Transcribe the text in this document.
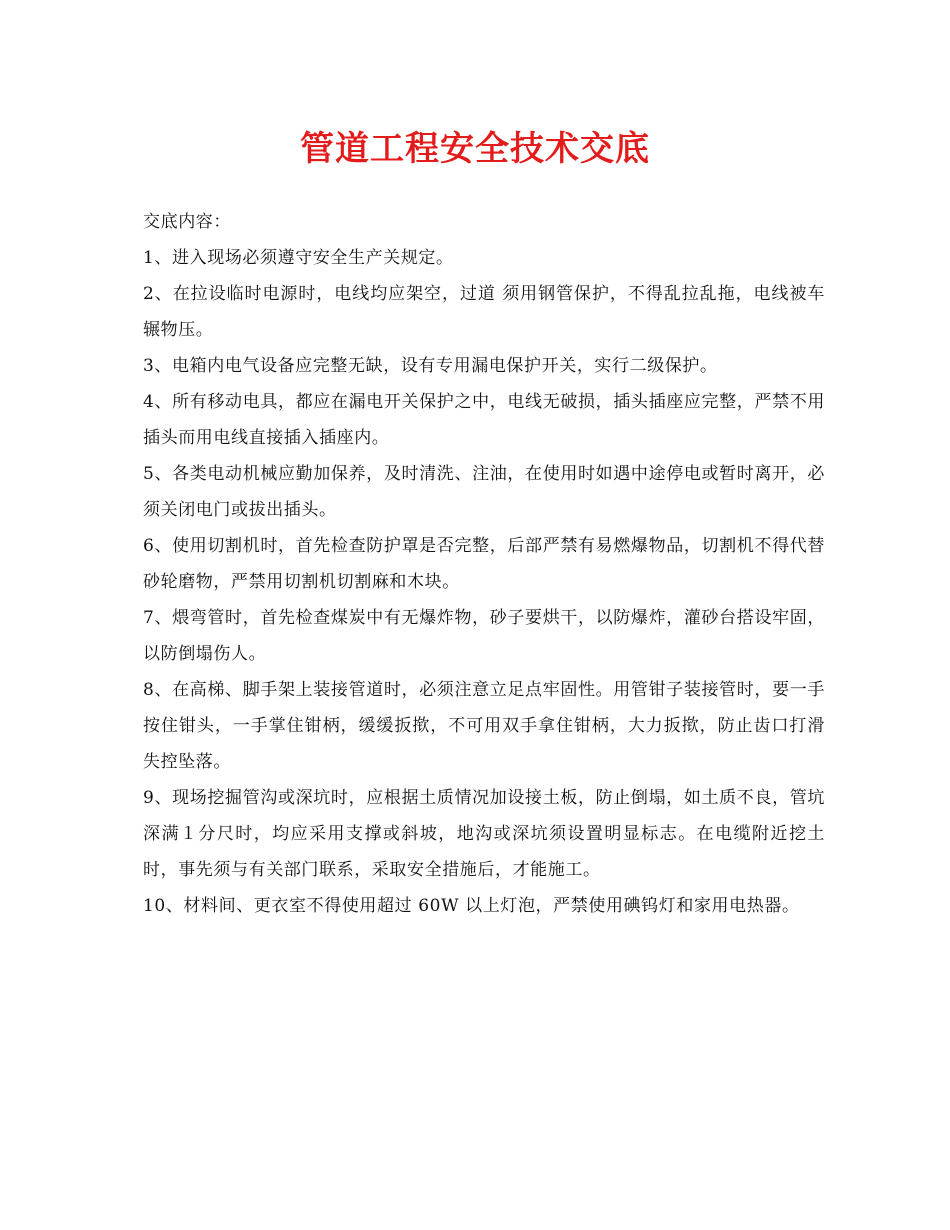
管道工程安全技术交底

交底内容：

1、进入现场必须遵守安全生产关规定。

2、在拉设临时电源时，电线均应架空，过道 须用钢管保护，不得乱拉乱拖，电线被车辗物压。

3、电箱内电气设备应完整无缺，设有专用漏电保护开关，实行二级保护。

4、所有移动电具，都应在漏电开关保护之中，电线无破损，插头插座应完整，严禁不用插头而用电线直接插入插座内。

5、各类电动机械应勤加保养，及时清洗、注油，在使用时如遇中途停电或暂时离开，必须关闭电门或拔出插头。

6、使用切割机时，首先检查防护罩是否完整，后部严禁有易燃爆物品，切割机不得代替砂轮磨物，严禁用切割机切割麻和木块。

7、煨弯管时，首先检查煤炭中有无爆炸物，砂子要烘干，以防爆炸，灌砂台搭设牢固，以防倒塌伤人。

8、在高梯、脚手架上装接管道时，必须注意立足点牢固性。用管钳子装接管时，要一手按住钳头，一手掌住钳柄，缓缓扳揿，不可用双手拿住钳柄，大力扳揿，防止齿口打滑失控坠落。

9、现场挖掘管沟或深坑时，应根据土质情况加设接土板，防止倒塌，如土质不良，管坑深满１分尺时，均应采用支撑或斜坡，地沟或深坑须设置明显标志。在电缆附近挖土时，事先须与有关部门联系，采取安全措施后，才能施工。

10、材料间、更衣室不得使用超过 60W 以上灯泡，严禁使用碘钨灯和家用电热器。
